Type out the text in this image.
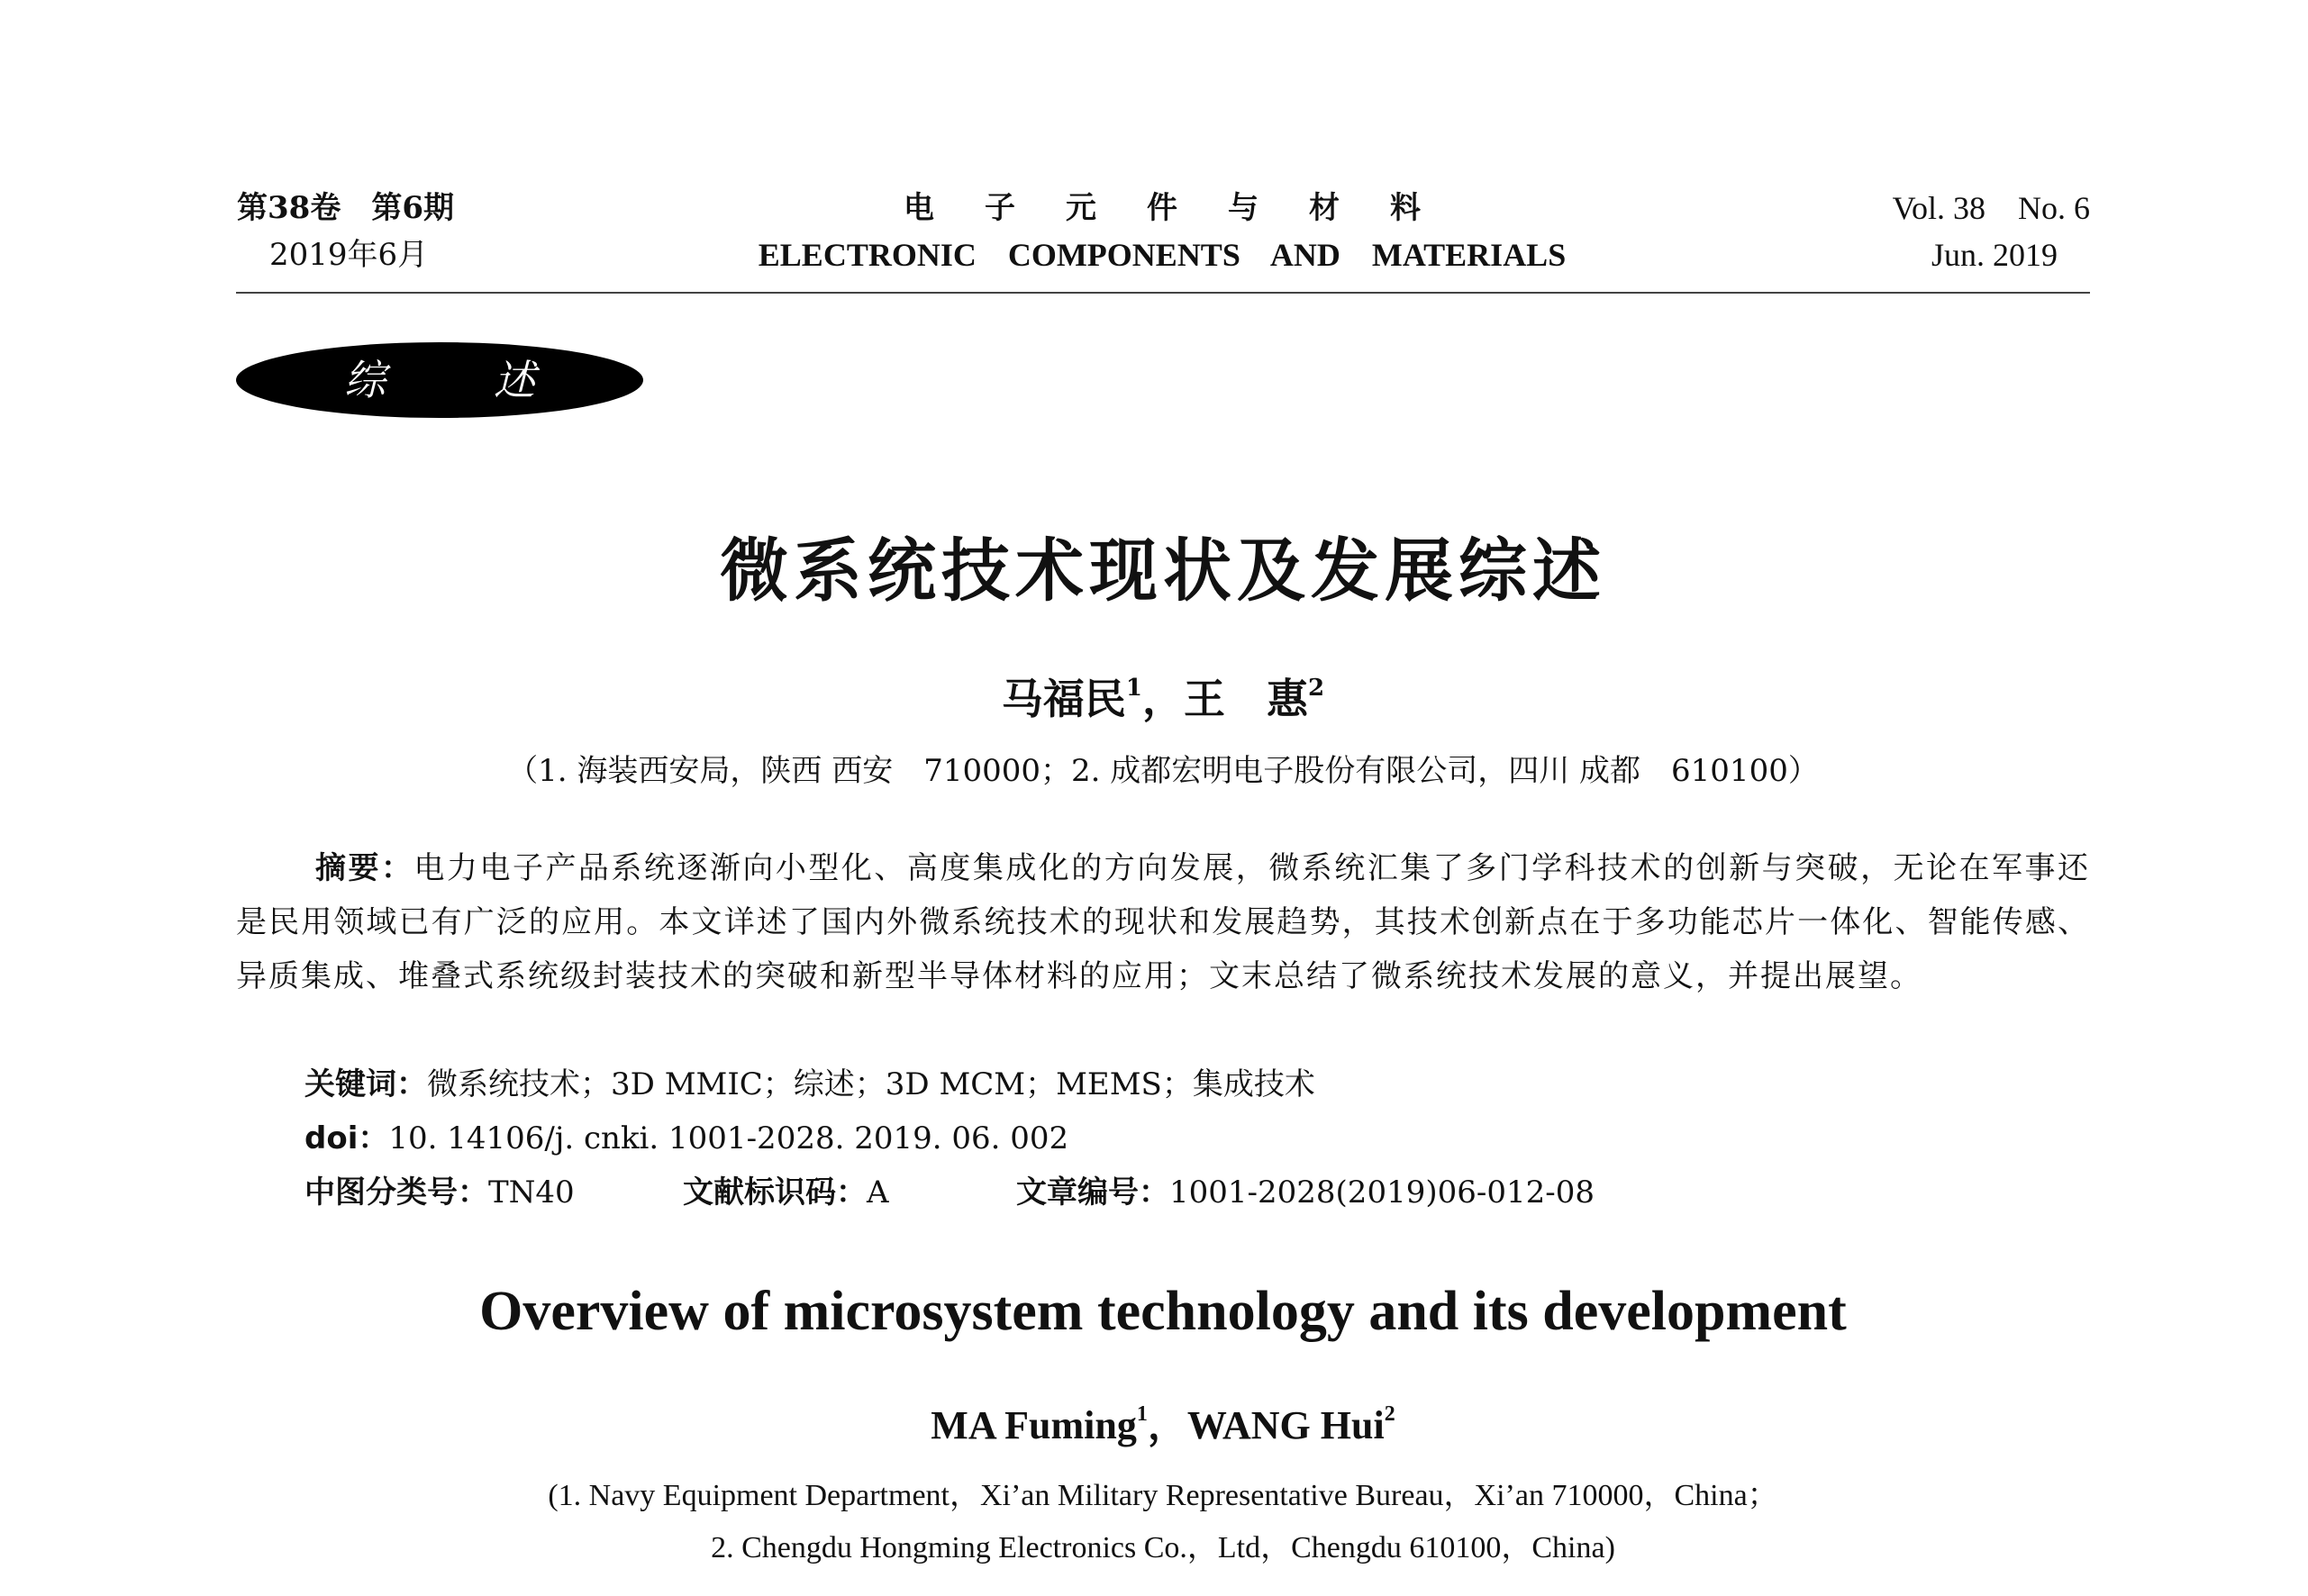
第38卷　第6期
2019年6月
电子元件与材料
ELECTRONIC COMPONENTS AND MATERIALS
Vol. 38　No. 6
Jun. 2019
综述
微系统技术现状及发展综述
马福民$^1$，王　惠$^2$
（1. 海装西安局，陕西 西安　710000；2. 成都宏明电子股份有限公司，四川 成都　610100）
摘要：电力电子产品系统逐渐向小型化、高度集成化的方向发展，微系统汇集了多门学科技术的创新与突破，无论在军事还是民用领域已有广泛的应用。本文详述了国内外微系统技术的现状和发展趋势，其技术创新点在于多功能芯片一体化、智能传感、异质集成、堆叠式系统级封装技术的突破和新型半导体材料的应用；文末总结了微系统技术发展的意义，并提出展望。
关键词：微系统技术；3D MMIC；综述；3D MCM；MEMS；集成技术
doi：10. 14106/j. cnki. 1001-2028. 2019. 06. 002
中图分类号：TN40	文献标识码：A	文章编号：1001-2028(2019)06-012-08
Overview of microsystem technology and its development
MA Fuming$^1$，WANG Hui$^2$
(1. Navy Equipment Department，Xi’an Military Representative Bureau，Xi’an 710000，China；
2. Chengdu Hongming Electronics Co.，Ltd，Chengdu 610100，China)
